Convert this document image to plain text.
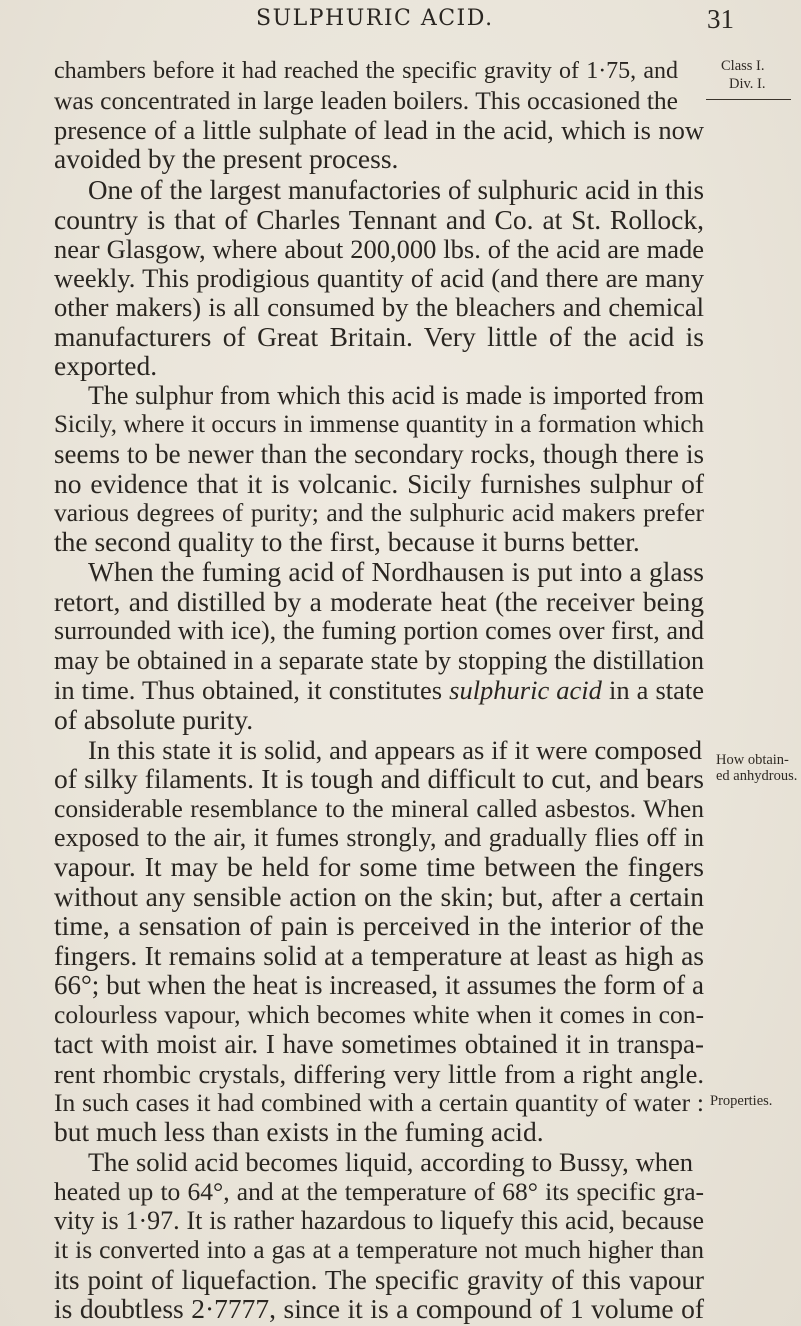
SULPHURIC ACID.	31
Class I.
Div. I.
How obtain-
ed anhydrous.
Properties.
chambers before it had reached the specific gravity of 1·75, and
was concentrated in large leaden boilers. This occasioned the
presence of a little sulphate of lead in the acid, which is now
avoided by the present process.
One of the largest manufactories of sulphuric acid in this
country is that of Charles Tennant and Co. at St. Rollock,
near Glasgow, where about 200,000 lbs. of the acid are made
weekly. This prodigious quantity of acid (and there are many
other makers) is all consumed by the bleachers and chemical
manufacturers of Great Britain. Very little of the acid is
exported.
The sulphur from which this acid is made is imported from
Sicily, where it occurs in immense quantity in a formation which
seems to be newer than the secondary rocks, though there is
no evidence that it is volcanic. Sicily furnishes sulphur of
various degrees of purity; and the sulphuric acid makers prefer
the second quality to the first, because it burns better.
When the fuming acid of Nordhausen is put into a glass
retort, and distilled by a moderate heat (the receiver being
surrounded with ice), the fuming portion comes over first, and
may be obtained in a separate state by stopping the distillation
in time. Thus obtained, it constitutes sulphuric acid in a state
of absolute purity.
In this state it is solid, and appears as if it were composed
of silky filaments. It is tough and difficult to cut, and bears
considerable resemblance to the mineral called asbestos. When
exposed to the air, it fumes strongly, and gradually flies off in
vapour. It may be held for some time between the fingers
without any sensible action on the skin; but, after a certain
time, a sensation of pain is perceived in the interior of the
fingers. It remains solid at a temperature at least as high as
66°; but when the heat is increased, it assumes the form of a
colourless vapour, which becomes white when it comes in con-
tact with moist air. I have sometimes obtained it in transpa-
rent rhombic crystals, differing very little from a right angle.
In such cases it had combined with a certain quantity of water :
but much less than exists in the fuming acid.
The solid acid becomes liquid, according to Bussy, when
heated up to 64°, and at the temperature of 68° its specific gra-
vity is 1·97. It is rather hazardous to liquefy this acid, because
it is converted into a gas at a temperature not much higher than
its point of liquefaction. The specific gravity of this vapour
is doubtless 2·7777, since it is a compound of 1 volume of
